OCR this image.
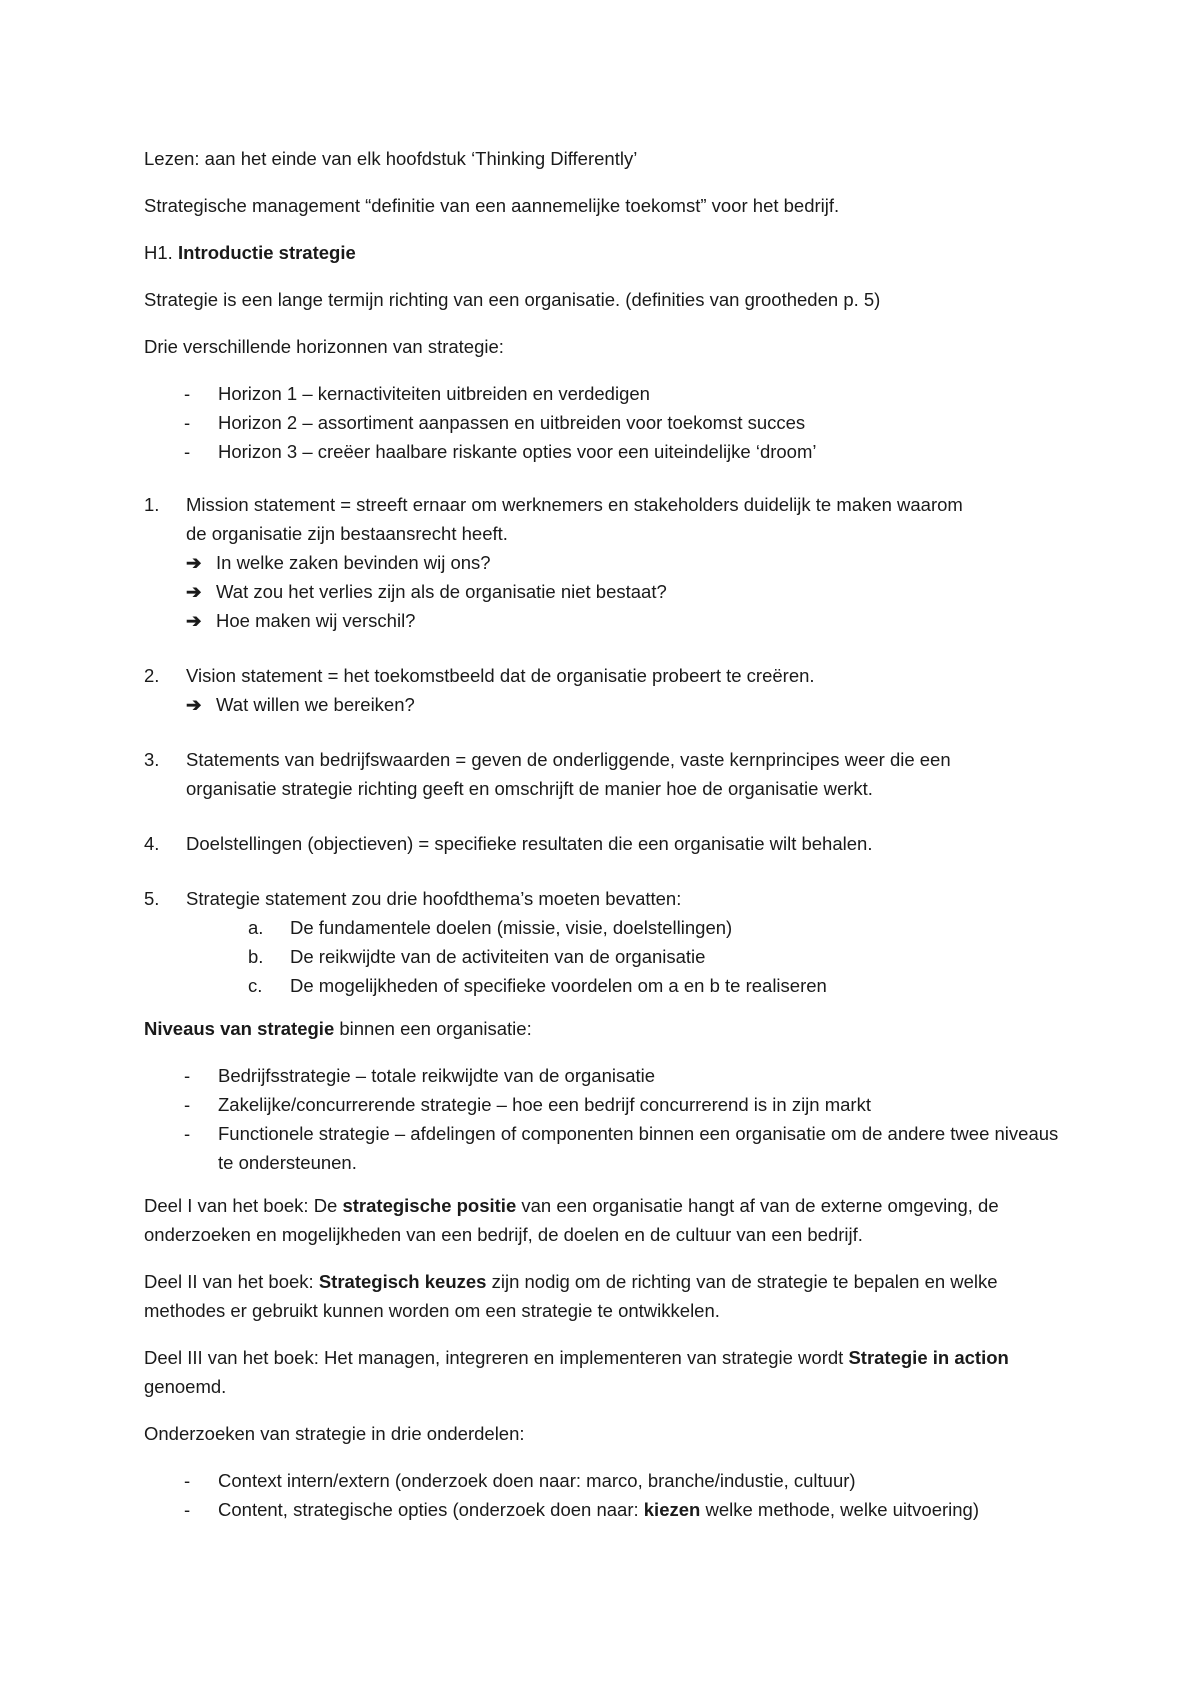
Lezen: aan het einde van elk hoofdstuk ‘Thinking Differently’

Strategische management “definitie van een aannemelijke toekomst” voor het bedrijf.

H1. Introductie strategie

Strategie is een lange termijn richting van een organisatie. (definities van grootheden p. 5)

Drie verschillende horizonnen van strategie:

- Horizon 1 – kernactiviteiten uitbreiden en verdedigen
- Horizon 2 – assortiment aanpassen en uitbreiden voor toekomst succes
- Horizon 3 – creëer haalbare riskante opties voor een uiteindelijke ‘droom’
1.	Mission statement = streeft ernaar om werknemers en stakeholders duidelijk te maken waarom
de organisatie zijn bestaansrecht heeft.
➔ In welke zaken bevinden wij ons?
➔ Wat zou het verlies zijn als de organisatie niet bestaat?
➔ Hoe maken wij verschil?
2.	Vision statement = het toekomstbeeld dat de organisatie probeert te creëren.
➔ Wat willen we bereiken?
3.	Statements van bedrijfswaarden = geven de onderliggende, vaste kernprincipes weer die een
organisatie strategie richting geeft en omschrijft de manier hoe de organisatie werkt.
4.	Doelstellingen (objectieven) = specifieke resultaten die een organisatie wilt behalen.
5.	Strategie statement zou drie hoofdthema’s moeten bevatten:
a. De fundamentele doelen (missie, visie, doelstellingen)
b. De reikwijdte van de activiteiten van de organisatie
c. De mogelijkheden of specifieke voordelen om a en b te realiseren

Niveaus van strategie binnen een organisatie:

- Bedrijfsstrategie – totale reikwijdte van de organisatie
- Zakelijke/concurrerende strategie – hoe een bedrijf concurrerend is in zijn markt
- Functionele strategie – afdelingen of componenten binnen een organisatie om de andere twee niveaus te ondersteunen.

Deel I van het boek: De strategische positie van een organisatie hangt af van de externe omgeving, de onderzoeken en mogelijkheden van een bedrijf, de doelen en de cultuur van een bedrijf.

Deel II van het boek: Strategisch keuzes zijn nodig om de richting van de strategie te bepalen en welke methodes er gebruikt kunnen worden om een strategie te ontwikkelen.

Deel III van het boek: Het managen, integreren en implementeren van strategie wordt Strategie in action genoemd.

Onderzoeken van strategie in drie onderdelen:

- Context intern/extern (onderzoek doen naar: marco, branche/industie, cultuur)
- Content, strategische opties (onderzoek doen naar: kiezen welke methode, welke uitvoering)
